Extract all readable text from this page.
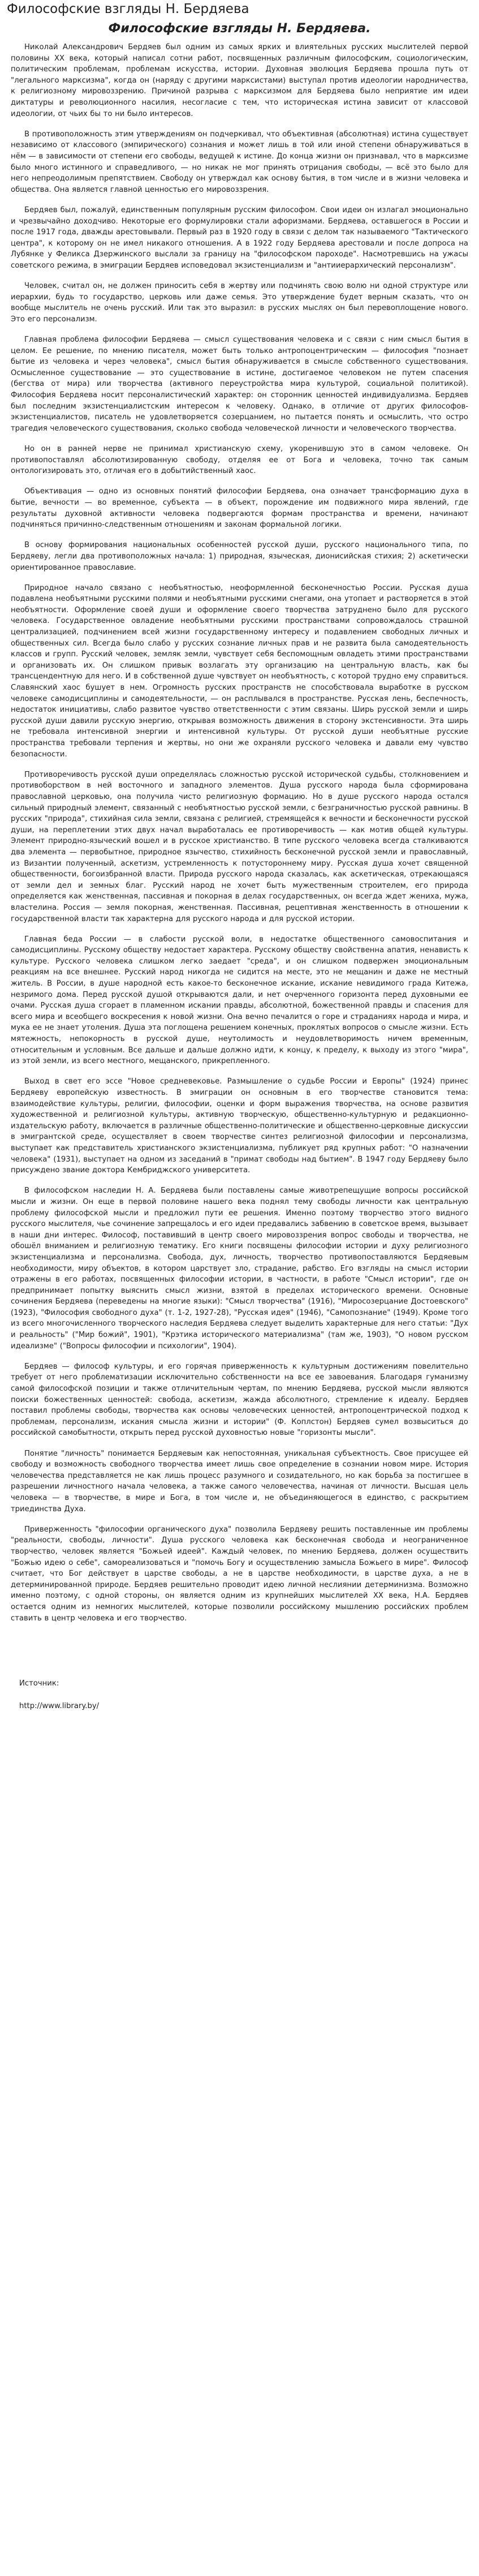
Философские взгляды Н. Бердяева
Философские взгляды Н. Бердяева.

Николай Александрович Бердяев был одним из самых ярких и влиятельных русских мыслителей первой половины XX века, который написал сотни работ, посвященных различным философским, социологическим, политическим проблемам, проблемам искусства, истории. Духовная эволюция Бердяева прошла путь от "легального марксизма", когда он (наряду с другими марксистами) выступал против идеологии народничества, к религиозному мировоззрению. Причиной разрыва с марксизмом для Бердяева было неприятие им идеи диктатуры и революционного насилия, несогласие с тем, что историческая истина зависит от классовой идеологии, от чьих бы то ни было интересов.

В противоположность этим утверждениям он подчеркивал, что объективная (абсолютная) истина существует независимо от классового (эмпирического) сознания и может лишь в той или иной степени обнаруживаться в нём — в зависимости от степени его свободы, ведущей к истине. До конца жизни он признавал, что в марксизме было много истинного и справедливого, — но никак не мог принять отрицания свободы, — всё это было для него непреодолимым препятствием. Свободу он утверждал как основу бытия, в том числе и в жизни человека и общества. Она является главной ценностью его мировоззрения.

Бердяев был, пожалуй, единственным популярным русским философом. Свои идеи он излагал эмоционально и чрезвычайно доходчиво. Некоторые его формулировки стали афоризмами. Бердяева, оставшегося в России и после 1917 года, дважды арестовывали. Первый раз в 1920 году в связи с делом так называемого "Тактического центра", к которому он не имел никакого отношения. А в 1922 году Бердяева арестовали и после допроса на Лубянке у Феликса Дзержинского выслали за границу на "философском пароходе". Насмотревшись на ужасы советского режима, в эмиграции Бердяев исповедовал экзистенциализм и "антииерархический персонализм".

Человек, считал он, не должен приносить себя в жертву или подчинять свою волю ни одной структуре или иерархии, будь то государство, церковь или даже семья. Это утверждение будет верным сказать, что он вообще мыслитель не очень русский. Или так это выразил: в русских мыслях он был перевоплощение нового. Это его персонализм.

Главная проблема философии Бердяева — смысл существования человека и с связи с ним смысл бытия в целом. Ее решение, по мнению писателя, может быть только антропоцентрическим — философия "познает бытие из человека и через человека", смысл бытия обнаруживается в смысле собственного существования. Осмысленное существование — это существование в истине, достигаемое человеком не путем спасения (бегства от мира) или творчества (активного переустройства мира культурой, социальной политикой). Философия Бердяева носит персоналистический характер: он сторонник ценностей индивидуализма. Бердяев был последним экзистенциалистским интересом к человеку. Однако, в отличие от других философов-экзистенциалистов, писатель не удовлетворяется созерцанием, но пытается понять и осмыслить, что остро трагедия человеческого существования, сколько свобода человеческой личности и человеческого творчества.

Но он в ранней нерве не принимал христианскую схему, укоренившую это в самом человеке. Он противопоставлял абсолютизированную свободу, отделяя ее от Бога и человека, точно так самым онтологизировать это, отличая его в добытийственный хаос.

Объективация — одно из основных понятий философии Бердяева, она означает трансформацию духа в бытие, вечности — во временное, субъекта — в объект, порождение им подвижного мира явлений, где результаты духовной активности человека подвергаются формам пространства и времени, начинают подчиняться причинно-следственным отношениям и законам формальной логики.

В основу формирования национальных особенностей русской души, русского национального типа, по Бердяеву, легли два противоположных начала: 1) природная, языческая, дионисийская стихия; 2) аскетически ориентированное православие.

Природное начало связано с необъятностью, неоформленной бесконечностью России. Русская душа подавлена необъятными русскими полями и необъятными русскими снегами, она утопает и растворяется в этой необъятности. Оформление своей души и оформление своего творчества затруднено было для русского человека. Государственное овладение необъятными русскими пространствами сопровождалось страшной централизацией, подчинением всей жизни государственному интересу и подавлением свободных личных и общественных сил. Всегда было слабо у русских сознание личных прав и не развита была самодеятельность классов и групп. Русский человек, земляк земли, чувствует себя беспомощным овладеть этими пространствами и организовать их. Он слишком привык возлагать эту организацию на центральную власть, как бы трансцендентную для него. И в собственной душе чувствует он необъятность, с которой трудно ему справиться. Славянский хаос бушует в нем. Огромность русских пространств не способствовала выработке в русском человеке самодисциплины и самодеятельности, — он расплывался в пространстве. Русская лень, беспечность, недостаток инициативы, слабо развитое чувство ответственности с этим связаны. Ширь русской земли и ширь русской души давили русскую энергию, открывая возможность движения в сторону экстенсивности. Эта ширь не требовала интенсивной энергии и интенсивной культуры. От русской души необъятные русские пространства требовали терпения и жертвы, но они же охраняли русского человека и давали ему чувство безопасности.

Противоречивость русской души определялась сложностью русской исторической судьбы, столкновением и противоборством в ней восточного и западного элементов. Душа русского народа была сформирована православной церковью, она получила чисто религиозную формацию. Но в душе русского народа остался сильный природный элемент, связанный с необъятностью русской земли, с безграничностью русской равнины. В русских "природа", стихийная сила земли, связана с религией, стремящейся к вечности и бесконечности русской души, на переплетении этих двух начал выработалась ее противоречивость — как мотив общей культуры. Элемент природно-языческий вошел и в русское христианство. В типе русского человека всегда сталкиваются два элемента — первобытное, природное язычество, стихийность бесконечной русской земли и православный, из Византии полученный, аскетизм, устремленность к потустороннему миру. Русская душа хочет священной общественности, богоизбранной власти. Природа русского народа сказалась, как аскетическая, отрекающаяся от земли дел и земных благ. Русский народ не хочет быть мужественным строителем, его природа определяется как женственная, пассивная и покорная в делах государственных, он всегда ждет жениха, мужа, властелина. Россия — земля покорная, женственная. Пассивная, рецептивная женственность в отношении к государственной власти так характерна для русского народа и для русской истории.

Главная беда России — в слабости русской воли, в недостатке общественного самовоспитания и самодисциплины. Русскому обществу недостает характера. Русскому обществу свойственна апатия, ненависть к культуре. Русского человека слишком легко заедает "среда", и он слишком подвержен эмоциональным реакциям на все внешнее. Русский народ никогда не сидится на месте, это не мещанин и даже не местный житель. В России, в душе народной есть какое-то бесконечное искание, искание невидимого града Китежа, незримого дома. Перед русской душой открываются дали, и нет очерченного горизонта перед духовными ее очами. Русская душа сгорает в пламенном искании правды, абсолютной, божественной правды и спасения для всего мира и всеобщего воскресения к новой жизни. Она вечно печалится о горе и страданиях народа и мира, и мука ее не знает утоления. Душа эта поглощена решением конечных, проклятых вопросов о смысле жизни. Есть мятежность, непокорность в русской душе, неутолимость и неудовлетворимость ничем временным, относительным и условным. Все дальше и дальше должно идти, к концу, к пределу, к выходу из этого "мира", из этой земли, из всего местного, мещанского, прикрепленного.

Выход в свет его эссе "Новое средневековье. Размышление о судьбе России и Европы" (1924) принес Бердяеву европейскую известность. В эмиграции он основным в его творчестве становится тема: взаимодействие культуры, религии, философии, оценки и форм выражения творчества, на основе развития художественной и религиозной культуры, активную творческую, общественно-культурную и редакционно-издательскую работу, включается в различные общественно-политические и общественно-церковные дискуссии в эмигрантской среде, осуществляет в своем творчестве синтез религиозной философии и персонализма, выступает как представитель христианского экзистенциализма, публикует ряд крупных работ: "О назначении человека" (1931), выступает на одном из заседаний в "примат свободы над бытием". В 1947 году Бердяеву было присуждено звание доктора Кембриджского университета.

В философском наследии Н. А. Бердяева были поставлены самые животрепещущие вопросы российской мысли и жизни. Он еще в первой половине нашего века поднял тему свободы личности как центральную проблему философской мысли и предложил пути ее решения. Именно поэтому творчество этого видного русского мыслителя, чье сочинение запрещалось и его идеи предавались забвению в советское время, вызывает в наши дни интерес. Философ, поставивший в центр своего мировоззрения вопрос свободы и творчества, не обошёл вниманием и религиозную тематику. Его книги посвящены философии истории и духу религиозного экзистенциализма и персонализма. Свобода, дух, личность, творчество противопоставляются Бердяевым необходимости, миру объектов, в котором царствует зло, страдание, рабство. Его взгляды на смысл истории отражены в его работах, посвященных философии истории, в частности, в работе "Смысл истории", где он предпринимает попытку выяснить смысл жизни, взятой в пределах исторического времени. Основные сочинения Бердяева (переведены на многие языки): "Смысл творчества" (1916), "Миросозерцание Достоевского" (1923), "Философия свободного духа" (т. 1-2, 1927-28), "Русская идея" (1946), "Самопознание" (1949). Кроме того из всего многочисленного творческого наследия Бердяева следует выделить характерные для него статьи: "Дух и реальность" ("Мир божий", 1901), "Крэтика исторического материализма" (там же, 1903), "О новом русском идеализме" ("Вопросы философии и психологии", 1904).

Бердяев — философ культуры, и его горячая приверженность к культурным достижениям повелительно требует от него проблематизации исключительно собственности на все ее завоевания. Благодаря гуманизму самой философской позиции и также отличительным чертам, по мнению Бердяева, русской мысли являются поиски божественных ценностей: свобода, аскетизм, жажда абсолютного, стремление к идеалу. Бердяев поставил проблемы свободы, творчества как основы человеческих ценностей, антропоцентрической подход к проблемам, персонализм, искания смысла жизни и истории" (Ф. Коплстон) Бердяев сумел возвыситься до российской самобытности, открыть перед русской духовностью новые "горизонты мысли".

Понятие "личность" понимается Бердяевым как непостоянная, уникальная субъектность. Свое присущее ей свободу и возможность свободного творчества имеет лишь свое определение в сознании новом мире. История человечества представляется не как лишь процесс разумного и созидательного, но как борьба за постигшее в разрешении личностного начала человека, а также самого человечества, начиная от личности. Высшая цель человека — в творчестве, в мире и Бога, в том числе и, не объединяющегося в единство, с раскрытием триединства Духа.

Приверженность "философии органического духа" позволила Бердяеву решить поставленные им проблемы "реальности, свободы, личности". Душа русского человека как бесконечная свобода и неограниченное творчество, человек является "Божьей идеей". Каждый человек, по мнению Бердяева, должен осуществить "Божью идею о себе", самореализоваться и "помочь Богу и осуществлению замысла Божьего в мире". Философ считает, что Бог действует в царстве свободы, а не в царстве необходимости, в царстве духа, а не в детерминированной природе. Бердяев решительно проводит идею личной неслиянии детерминизма. Возможно именно поэтому, с одной стороны, он является одним из крупнейших мыслителей XX века, Н.А. Бердяев остается одним из немногих мыслителей, которые позволили российскому мышлению российских проблем ставить в центр человека и его творчество.

Источник:
http://www.library.by/
